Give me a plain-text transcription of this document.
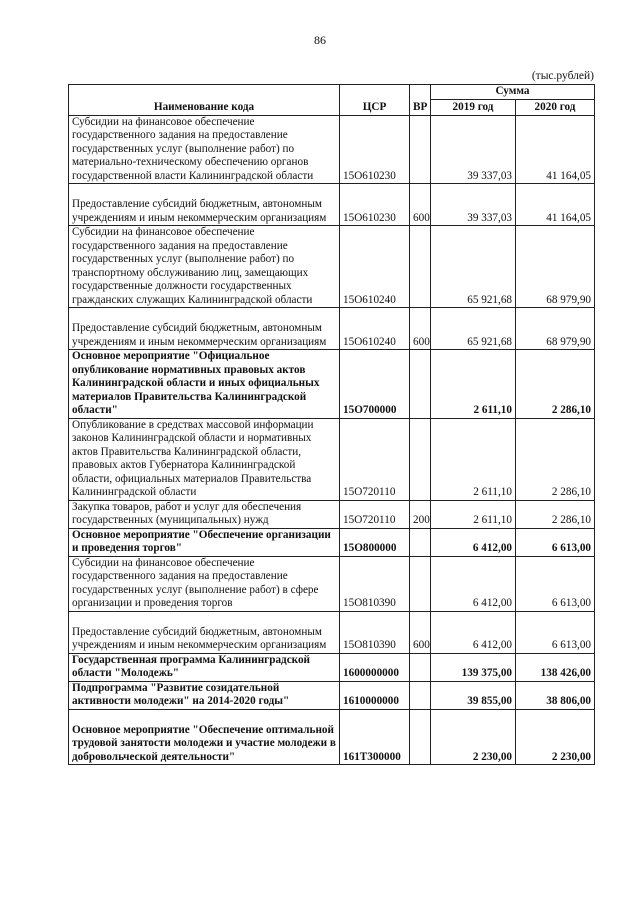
86
(тыс.рублей)
Наименование кода	ЦСР	ВР	Сумма	
			2019 год	2020 год
Субсидии на финансовое обеспечение государственного задания на предоставление государственных услуг (выполнение работ) по материально-техническому обеспечению органов государственной власти Калининградской области	15О610230		39 337,03	41 164,05
Предоставление субсидий бюджетным, автономным учреждениям и иным некоммерческим организациям	15О610230	600	39 337,03	41 164,05
Субсидии на финансовое обеспечение государственного задания на предоставление государственных услуг (выполнение работ) по транспортному обслуживанию лиц, замещающих государственные должности государственных гражданских служащих Калининградской области	15О610240		65 921,68	68 979,90
Предоставление субсидий бюджетным, автономным учреждениям и иным некоммерческим организациям	15О610240	600	65 921,68	68 979,90
Основное мероприятие "Официальное опубликование нормативных правовых актов Калининградской области и иных официальных материалов Правительства Калининградской области"	15О700000		2 611,10	2 286,10
Опубликование в средствах массовой информации законов Калининградской области и нормативных актов Правительства Калининградской области, правовых актов Губернатора Калининградской области, официальных материалов Правительства Калининградской области	15О720110		2 611,10	2 286,10
Закупка товаров, работ и услуг для обеспечения государственных (муниципальных) нужд	15О720110	200	2 611,10	2 286,10
Основное мероприятие "Обеспечение организации и проведения торгов"	15О800000		6 412,00	6 613,00
Субсидии на финансовое обеспечение государственного задания на предоставление государственных услуг (выполнение работ) в сфере организации и проведения торгов	15О810390		6 412,00	6 613,00
Предоставление субсидий бюджетным, автономным учреждениям и иным некоммерческим организациям	15О810390	600	6 412,00	6 613,00
Государственная программа Калининградской области "Молодежь"	1600000000		139 375,00	138 426,00
Подпрограмма "Развитие созидательной активности молодежи" на 2014-2020 годы"	1610000000		39 855,00	38 806,00
Основное мероприятие "Обеспечение оптимальной трудовой занятости молодежи и участие молодежи в добровольческой деятельности"	161Т300000		2 230,00	2 230,00
